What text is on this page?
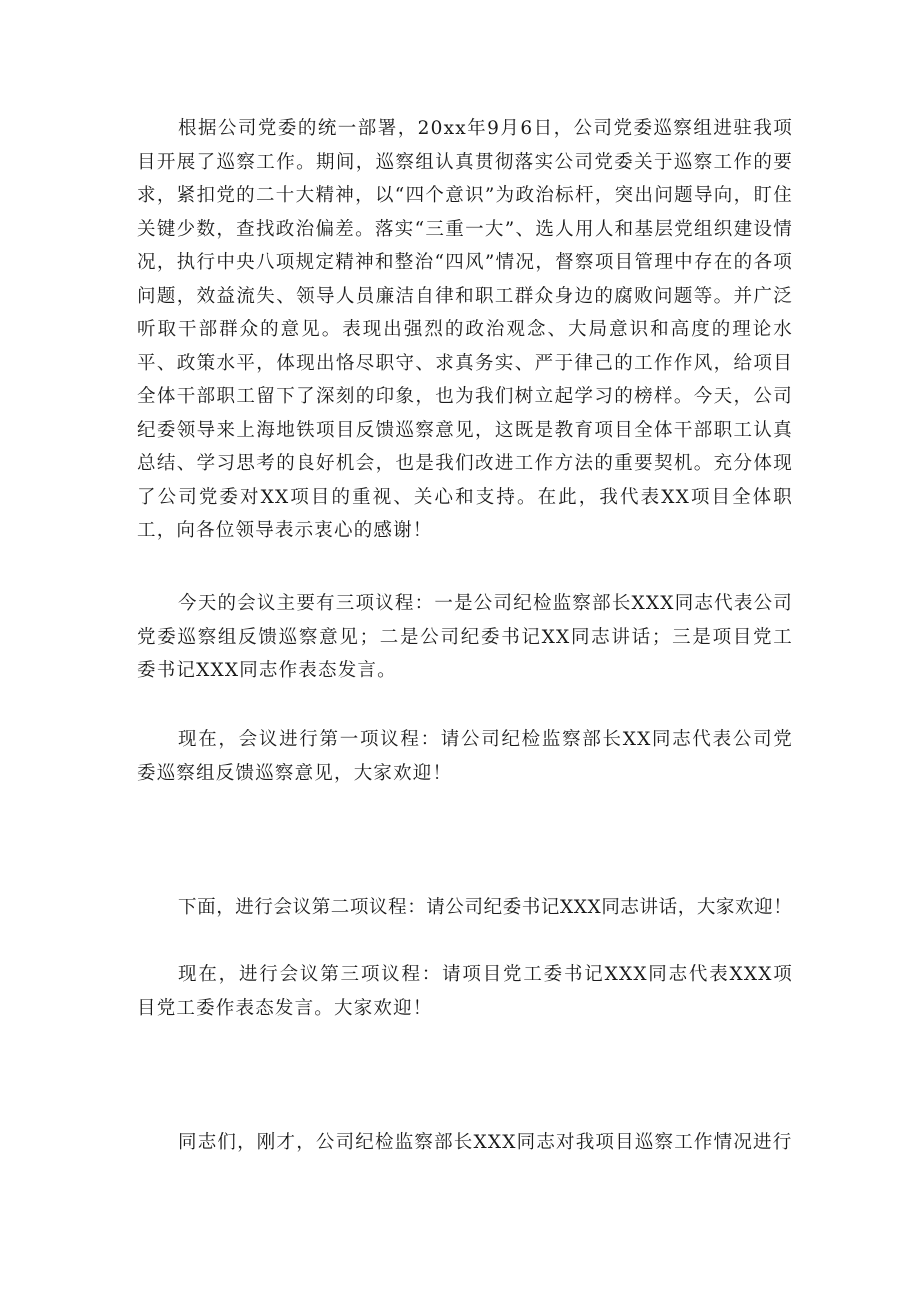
根据公司党委的统一部署，20xx年9月6日，公司党委巡察组进驻我项目开展了巡察工作。期间，巡察组认真贯彻落实公司党委关于巡察工作的要求，紧扣党的二十大精神，以“四个意识”为政治标杆，突出问题导向，盯住关键少数，查找政治偏差。落实“三重一大”、选人用人和基层党组织建设情况，执行中央八项规定精神和整治“四风”情况，督察项目管理中存在的各项问题，效益流失、领导人员廉洁自律和职工群众身边的腐败问题等。并广泛听取干部群众的意见。表现出强烈的政治观念、大局意识和高度的理论水平、政策水平，体现出恪尽职守、求真务实、严于律己的工作作风，给项目全体干部职工留下了深刻的印象，也为我们树立起学习的榜样。今天，公司纪委领导来上海地铁项目反馈巡察意见，这既是教育项目全体干部职工认真总结、学习思考的良好机会，也是我们改进工作方法的重要契机。充分体现了公司党委对XX项目的重视、关心和支持。在此，我代表XX项目全体职工，向各位领导表示衷心的感谢！

今天的会议主要有三项议程：一是公司纪检监察部长XXX同志代表公司党委巡察组反馈巡察意见；二是公司纪委书记XX同志讲话；三是项目党工委书记XXX同志作表态发言。

现在，会议进行第一项议程：请公司纪检监察部长XX同志代表公司党委巡察组反馈巡察意见，大家欢迎！

下面，进行会议第二项议程：请公司纪委书记XXX同志讲话，大家欢迎！

现在，进行会议第三项议程：请项目党工委书记XXX同志代表XXX项目党工委作表态发言。大家欢迎！

同志们，刚才，公司纪检监察部长XXX同志对我项目巡察工作情况进行
